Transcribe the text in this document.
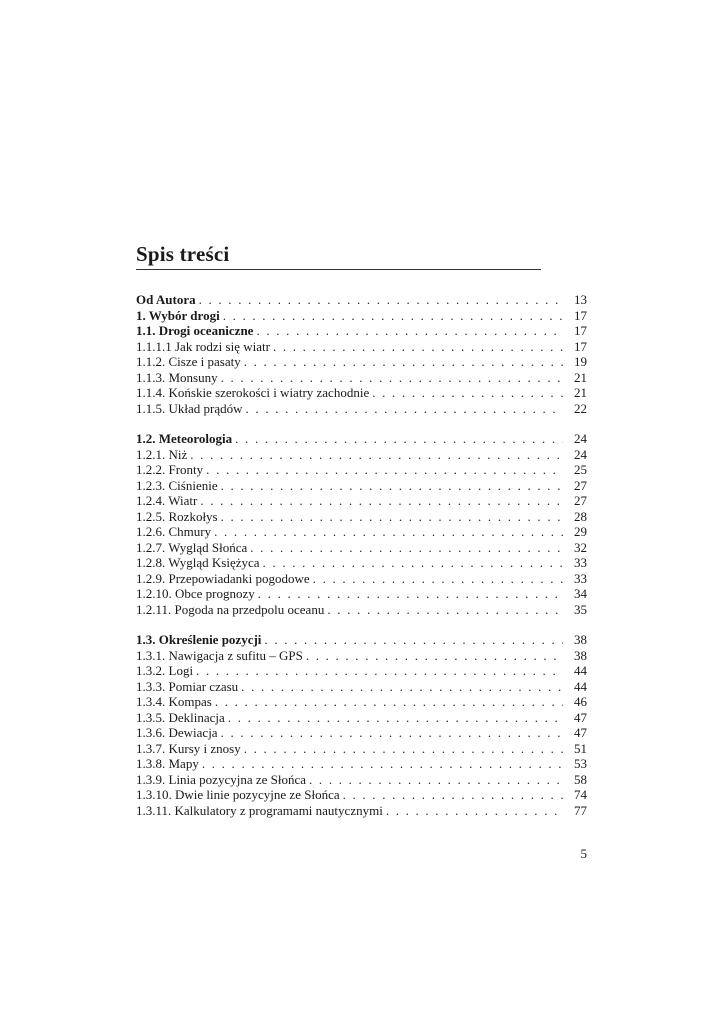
Spis treści
Od Autora . . .	13
1. Wybór drogi . . .	17
1.1. Drogi oceaniczne . . .	17
1.1.1.1 Jak rodzi się wiatr . . .	17
1.1.2. Cisze i pasaty . . .	19
1.1.3. Monsuny . . .	21
1.1.4. Końskie szerokości i wiatry zachodnie . . .	21
1.1.5. Układ prądów . . .	22
1.2. Meteorologia . . .	24
1.2.1. Niż . . .	24
1.2.2. Fronty . . .	25
1.2.3. Ciśnienie . . .	27
1.2.4. Wiatr . . .	27
1.2.5. Rozkołys . . .	28
1.2.6. Chmury . . .	29
1.2.7. Wygląd Słońca . . .	32
1.2.8. Wygląd Księżyca . . .	33
1.2.9. Przepowiadanki pogodowe . . .	33
1.2.10. Obce prognozy . . .	34
1.2.11. Pogoda na przedpolu oceanu . . .	35
1.3. Określenie pozycji . . .	38
1.3.1. Nawigacja z sufitu – GPS . . .	38
1.3.2. Logi . . .	44
1.3.3. Pomiar czasu . . .	44
1.3.4. Kompas . . .	46
1.3.5. Deklinacja . . .	47
1.3.6. Dewiacja . . .	47
1.3.7. Kursy i znosy . . .	51
1.3.8. Mapy . . .	53
1.3.9. Linia pozycyjna ze Słońca . . .	58
1.3.10. Dwie linie pozycyjne ze Słońca . . .	74
1.3.11. Kalkulatory z programami nautycznymi . . .	77
5
